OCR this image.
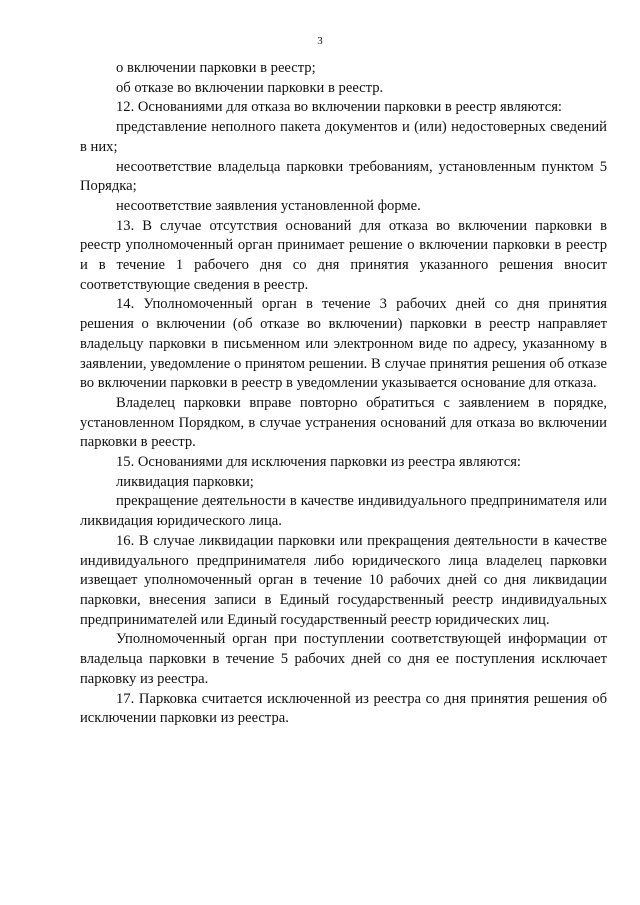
3

о включении парковки в реестр;

об отказе во включении парковки в реестр.

12. Основаниями для отказа во включении парковки в реестр являются:

представление неполного пакета документов и (или) недостоверных сведений в них;

несоответствие владельца парковки требованиям, установленным пунктом 5 Порядка;

несоответствие заявления установленной форме.

13. В случае отсутствия оснований для отказа во включении парковки в реестр уполномоченный орган принимает решение о включении парковки в реестр и в течение 1 рабочего дня со дня принятия указанного решения вносит соответствующие сведения в реестр.

14. Уполномоченный орган в течение 3 рабочих дней со дня принятия решения о включении (об отказе во включении) парковки в реестр направляет владельцу парковки в письменном или электронном виде по адресу, указанному в заявлении, уведомление о принятом решении. В случае принятия решения об отказе во включении парковки в реестр в уведомлении указывается основание для отказа.

Владелец парковки вправе повторно обратиться с заявлением в порядке, установленном Порядком, в случае устранения оснований для отказа во включении парковки в реестр.

15. Основаниями для исключения парковки из реестра являются:

ликвидация парковки;

прекращение деятельности в качестве индивидуального предпринимателя или ликвидация юридического лица.

16. В случае ликвидации парковки или прекращения деятельности в качестве индивидуального предпринимателя либо юридического лица владелец парковки извещает уполномоченный орган в течение 10 рабочих дней со дня ликвидации парковки, внесения записи в Единый государственный реестр индивидуальных предпринимателей или Единый государственный реестр юридических лиц.

Уполномоченный орган при поступлении соответствующей информации от владельца парковки в течение 5 рабочих дней со дня ее поступления исключает парковку из реестра.

17. Парковка считается исключенной из реестра со дня принятия решения об исключении парковки из реестра.
